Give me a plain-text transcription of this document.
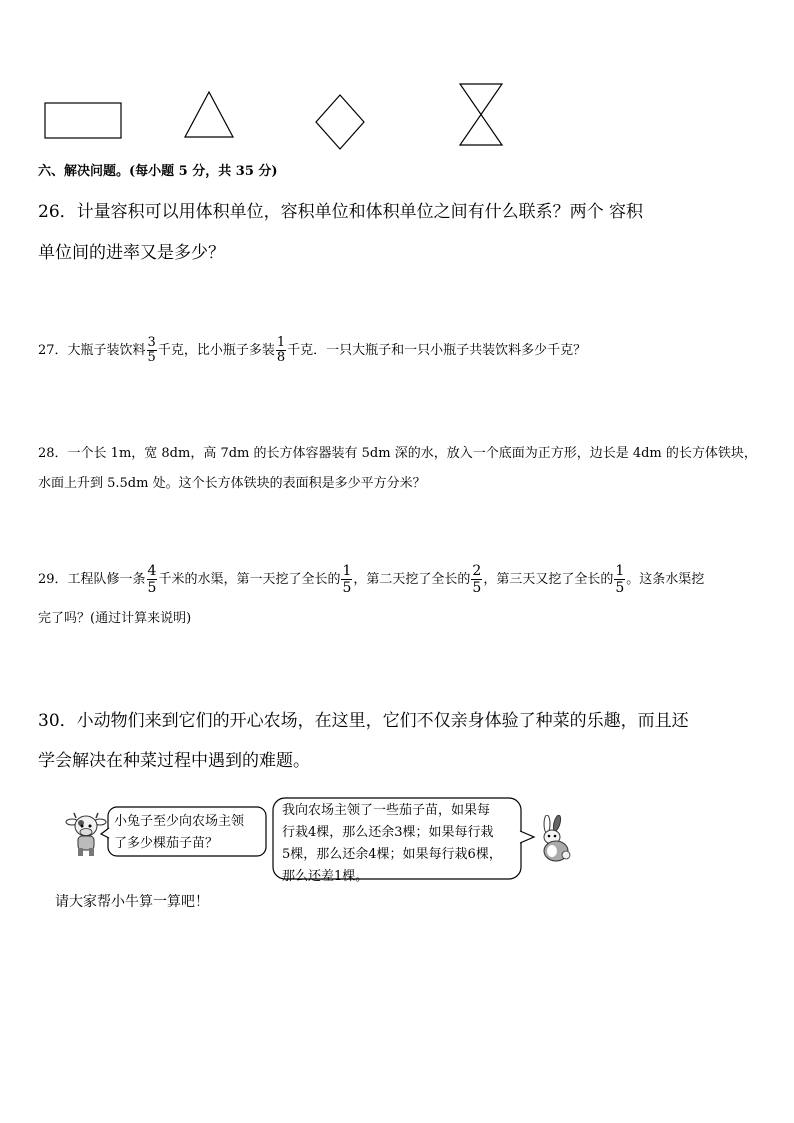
六、解决问题。(每小题 5 分，共 35 分)
26．计量容积可以用体积单位，容积单位和体积单位之间有什么联系？两个 容积
单位间的进率又是多少？
27．大瓶子装饮料 $\frac{3}{5}$ 千克，比小瓶子多装 $\frac{1}{8}$ 千克．一只大瓶子和一只小瓶子共装饮料多少千克？
28．一个长 1m，宽 8dm，高 7dm 的长方体容器装有 5dm 深的水，放入一个底面为正方形，边长是 4dm 的长方体铁块，
水面上升到 5.5dm 处。这个长方体铁块的表面积是多少平方分米？
29．工程队修一条 $\frac{4}{5}$ 千米的水渠，第一天挖了全长的 $\frac{1}{5}$ ，第二天挖了全长的 $\frac{2}{5}$ ，第三天又挖了全长的 $\frac{1}{5}$ 。这条水渠挖
完了吗？(通过计算来说明)
30．小动物们来到它们的开心农场，在这里，它们不仅亲身体验了种菜的乐趣，而且还
学会解决在种菜过程中遇到的难题。
小兔子至少向农场主领
了多少棵茄子苗？
我向农场主领了一些茄子苗，如果每
行栽4棵，那么还余3棵；如果每行栽
5棵，那么还余4棵；如果每行栽6棵，
那么还差1棵。
请大家帮小牛算一算吧！
